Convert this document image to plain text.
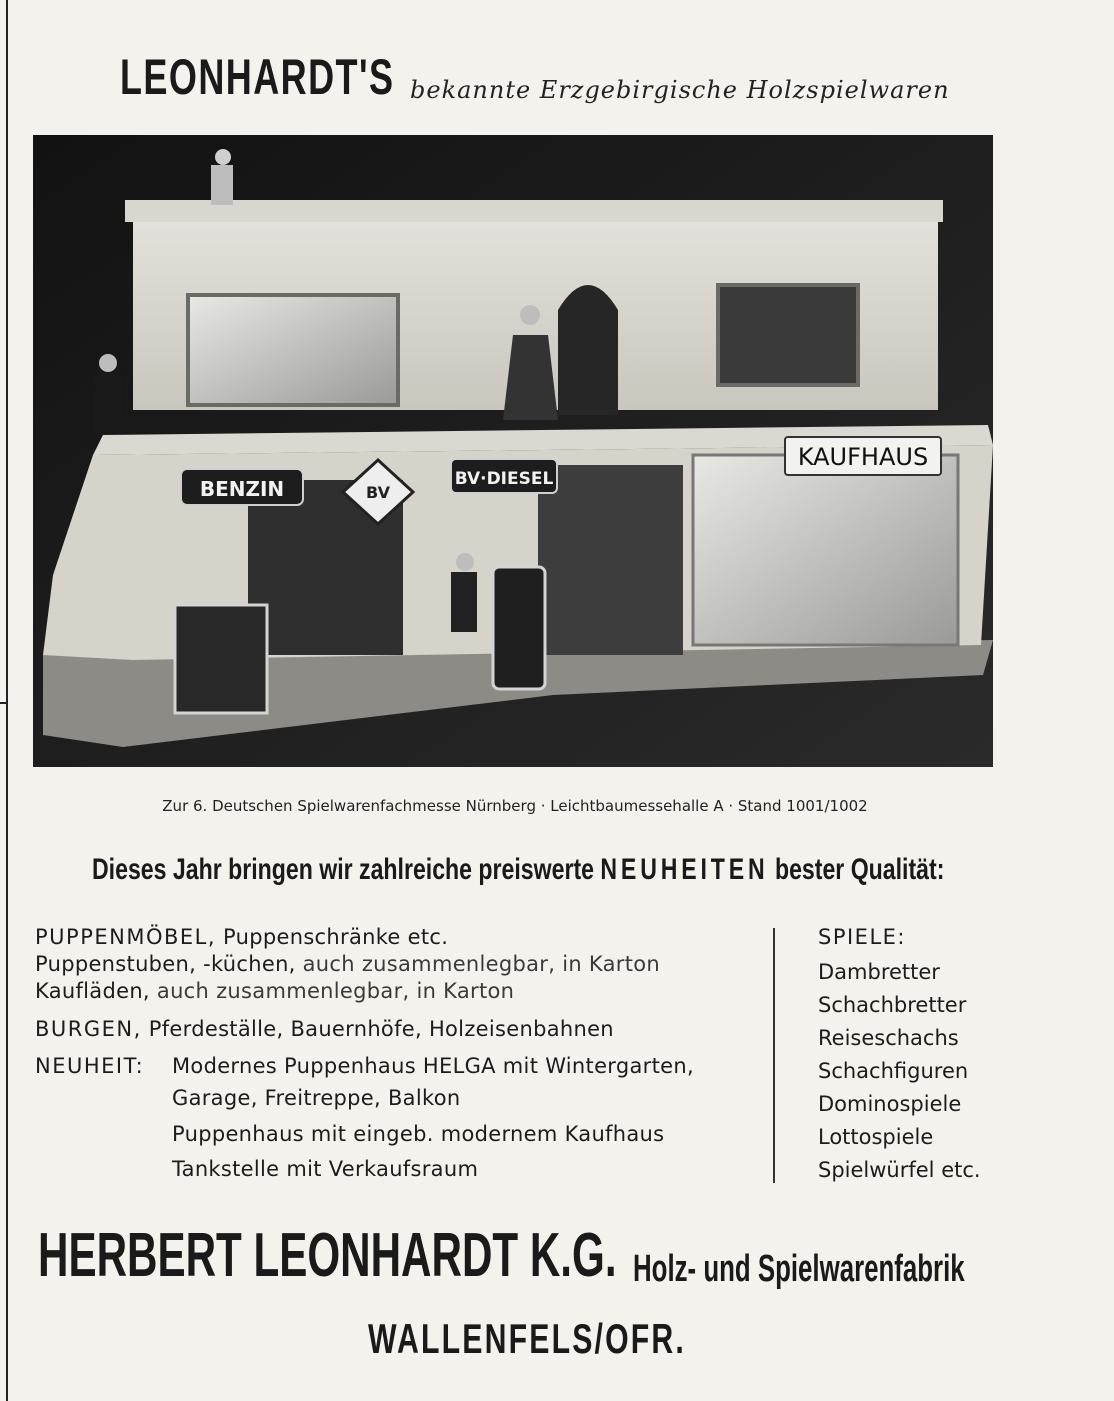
LEONHARDT'S bekannte Erzgebirgische Holzspielwaren
BENZIN	BV
BV·DIESEL
KAUFHAUS
Zur 6. Deutschen Spielwarenfachmesse Nürnberg · Leichtbaumessehalle A · Stand 1001/1002
Dieses Jahr bringen wir zahlreiche preiswerte NEUHEITEN bester Qualität:
PUPPENMÖBEL, Puppenschränke etc.
Puppenstuben, -küchen, auch zusammenlegbar, in Karton
Kaufläden, auch zusammenlegbar, in Karton
BURGEN, Pferdeställe, Bauernhöfe, Holzeisenbahnen
NEUHEIT: Modernes Puppenhaus HELGA mit Wintergarten,
Garage, Freitreppe, Balkon
Puppenhaus mit eingeb. modernem Kaufhaus
Tankstelle mit Verkaufsraum
SPIELE:
Dambretter
Schachbretter
Reiseschachs
Schachfiguren
Dominospiele
Lottospiele
Spielwürfel etc.
HERBERT LEONHARDT K.G. Holz- und Spielwarenfabrik
WALLENFELS/OFR.
